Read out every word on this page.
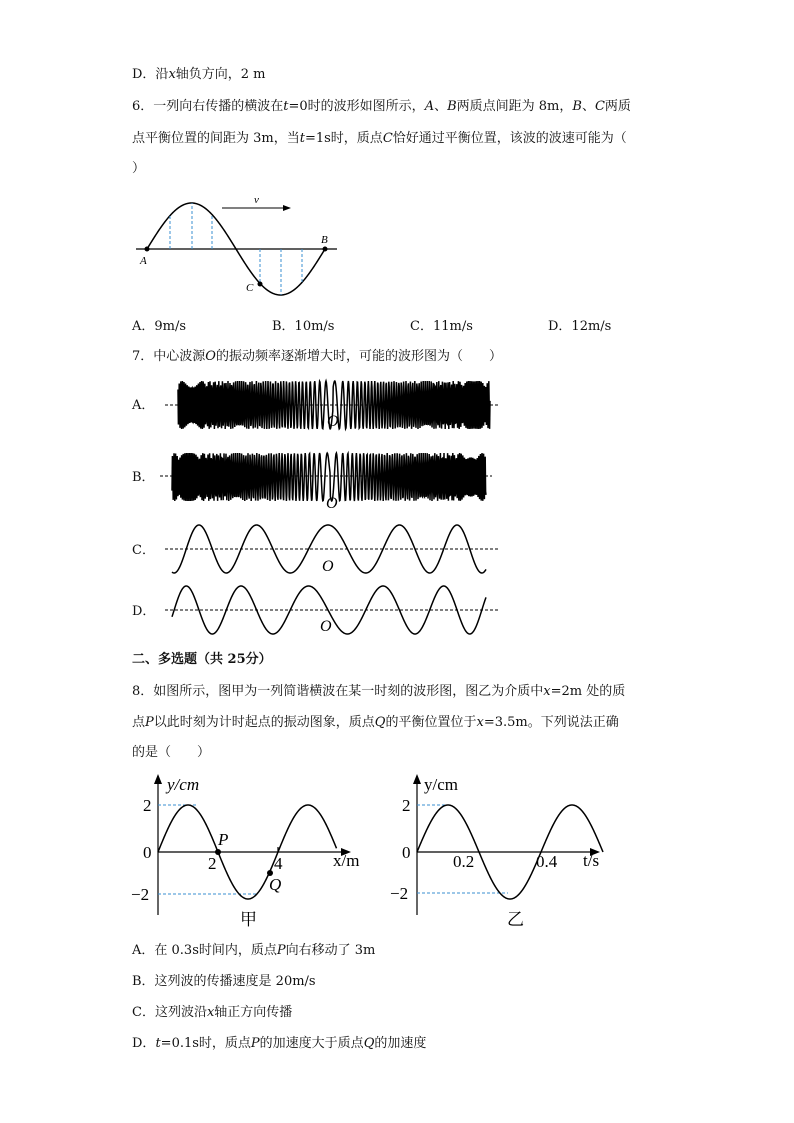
D．沿x轴负方向，2 m
6．一列向右传播的横波在t=0时的波形如图所示，A、B两质点间距为 8m，B、C两质
点平衡位置的间距为 3m，当t=1s时，质点C恰好通过平衡位置，该波的波速可能为（
）
v
A
B
C
A．9m/s	B．10m/s	C．11m/s	D．12m/s
7．中心波源O的振动频率逐渐增大时，可能的波形图为（　　）
A．
B．
C．
D．
O
O
O
O
二、多选题（共 25分）
8．如图所示，图甲为一列简谐横波在某一时刻的波形图，图乙为介质中x=2m 处的质
点P以此时刻为计时起点的振动图象，质点Q的平衡位置位于x=3.5m。下列说法正确
的是（　　）
y/cm
x/m
2
0
−2
2	4
P
Q
甲
y/cm
t/s
2
0
−2
0.2	0.4
乙
A．在 0.3s时间内，质点P向右移动了 3m
B．这列波的传播速度是 20m/s
C．这列波沿x轴正方向传播
D．t=0.1s时，质点P的加速度大于质点Q的加速度
